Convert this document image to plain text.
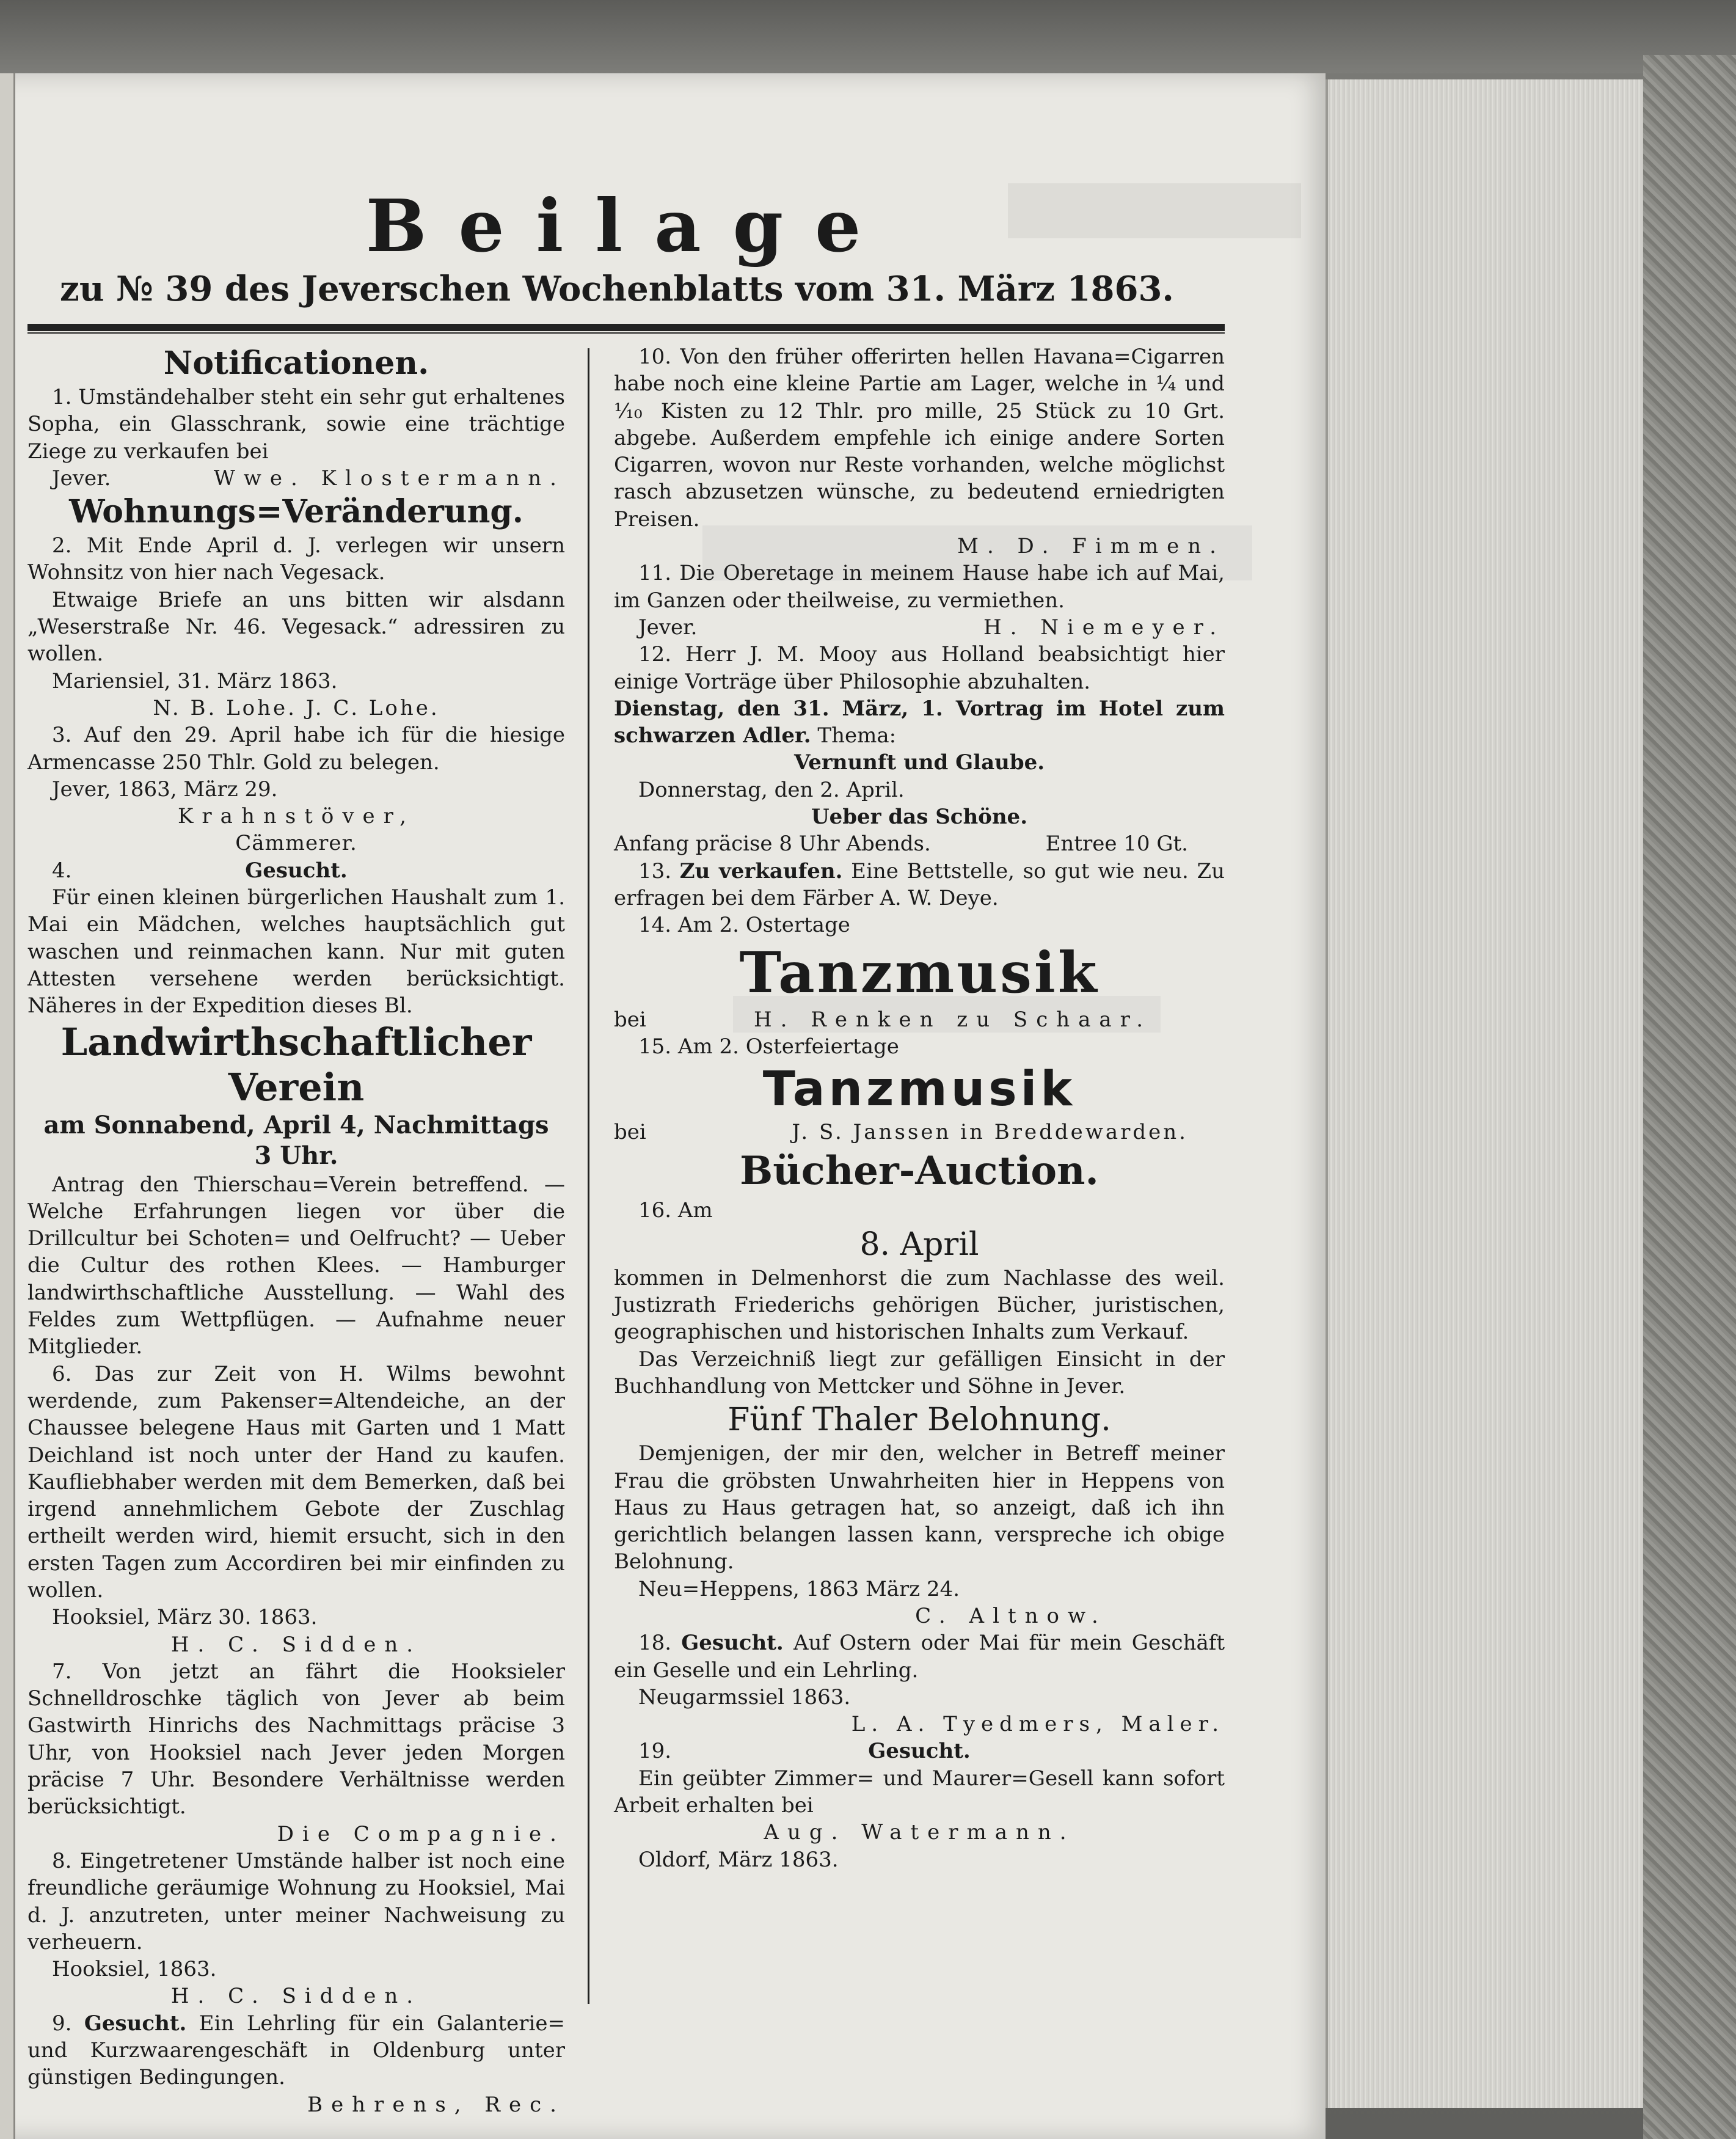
Beilage
zu № 39 des Jeverschen Wochenblatts vom 31. März 1863.

Notificationen.

1. Umständehalber steht ein sehr gut erhaltenes Sopha, ein Glasschrank, sowie eine trächtige Ziege zu verkaufen bei

Jever.	Wwe. Klostermann.

Wohnungs=Veränderung.

2. Mit Ende April d. J. verlegen wir unsern Wohnsitz von hier nach Vegesack.

Etwaige Briefe an uns bitten wir alsdann „Weserstraße Nr. 46. Vegesack.“ adressiren zu wollen.

Mariensiel, 31. März 1863.

N. B. Lohe. J. C. Lohe.

3. Auf den 29. April habe ich für die hiesige Armencasse 250 Thlr. Gold zu belegen.

Jever, 1863, März 29.

Krahnstöver,

Cämmerer.

4.	Gesucht.

Für einen kleinen bürgerlichen Haushalt zum 1. Mai ein Mädchen, welches hauptsächlich gut waschen und reinmachen kann. Nur mit guten Attesten versehene werden berücksichtigt. Näheres in der Expedition dieses Bl.

Landwirthschaftlicher Verein

am Sonnabend, April 4, Nachmittags

3 Uhr.

Antrag den Thierschau=Verein betreffend. — Welche Erfahrungen liegen vor über die Drillcultur bei Schoten= und Oelfrucht? — Ueber die Cultur des rothen Klees. — Hamburger landwirthschaftliche Ausstellung. — Wahl des Feldes zum Wettpflügen. — Aufnahme neuer Mitglieder.

6. Das zur Zeit von H. Wilms bewohnt werdende, zum Pakenser=Altendeiche, an der Chaussee belegene Haus mit Garten und 1 Matt Deichland ist noch unter der Hand zu kaufen. Kaufliebhaber werden mit dem Bemerken, daß bei irgend annehmlichem Gebote der Zuschlag ertheilt werden wird, hiemit ersucht, sich in den ersten Tagen zum Accordiren bei mir einfinden zu wollen.

Hooksiel, März 30. 1863.

H. C. Sidden.

7. Von jetzt an fährt die Hooksieler Schnelldroschke täglich von Jever ab beim Gastwirth Hinrichs des Nachmittags präcise 3 Uhr, von Hooksiel nach Jever jeden Morgen präcise 7 Uhr. Besondere Verhältnisse werden berücksichtigt.

Die Compagnie.

8. Eingetretener Umstände halber ist noch eine freundliche geräumige Wohnung zu Hooksiel, Mai d. J. anzutreten, unter meiner Nachweisung zu verheuern.

Hooksiel, 1863.

H. C. Sidden.

9. Gesucht. Ein Lehrling für ein Galanterie= und Kurzwaarengeschäft in Oldenburg unter günstigen Bedingungen.

Behrens, Rec.

10. Von den früher offerirten hellen Havana=Cigarren habe noch eine kleine Partie am Lager, welche in ¼ und ⅒ Kisten zu 12 Thlr. pro mille, 25 Stück zu 10 Grt. abgebe. Außerdem empfehle ich einige andere Sorten Cigarren, wovon nur Reste vorhanden, welche möglichst rasch abzusetzen wünsche, zu bedeutend erniedrigten Preisen.

M. D. Fimmen.

11. Die Oberetage in meinem Hause habe ich auf Mai, im Ganzen oder theilweise, zu vermiethen.

Jever.	H. Niemeyer.

12. Herr J. M. Mooy aus Holland beabsichtigt hier einige Vorträge über Philosophie abzuhalten.

Dienstag, den 31. März, 1. Vortrag im Hotel zum schwarzen Adler. Thema:

Vernunft und Glaube.

Donnerstag, den 2. April.

Ueber das Schöne.

Anfang präcise 8 Uhr Abends.	Entree 10 Gt.

13. Zu verkaufen. Eine Bettstelle, so gut wie neu. Zu erfragen bei dem Färber A. W. Deye.

14. Am 2. Ostertage

Tanzmusik

bei	H. Renken zu Schaar.

15. Am 2. Osterfeiertage

Tanzmusik

bei	J. S. Janssen in Breddewarden.

Bücher-Auction.

16. Am

8. April

kommen in Delmenhorst die zum Nachlasse des weil. Justizrath Friederichs gehörigen Bücher, juristischen, geographischen und historischen Inhalts zum Verkauf.

Das Verzeichniß liegt zur gefälligen Einsicht in der Buchhandlung von Mettcker und Söhne in Jever.

Fünf Thaler Belohnung.

Demjenigen, der mir den, welcher in Betreff meiner Frau die gröbsten Unwahrheiten hier in Heppens von Haus zu Haus getragen hat, so anzeigt, daß ich ihn gerichtlich belangen lassen kann, verspreche ich obige Belohnung.

Neu=Heppens, 1863 März 24.

C. Altnow.

18. Gesucht. Auf Ostern oder Mai für mein Geschäft ein Geselle und ein Lehrling.

Neugarmssiel 1863.

L. A. Tyedmers, Maler.

19.	Gesucht.

Ein geübter Zimmer= und Maurer=Gesell kann sofort Arbeit erhalten bei

Aug. Watermann.

Oldorf, März 1863.
